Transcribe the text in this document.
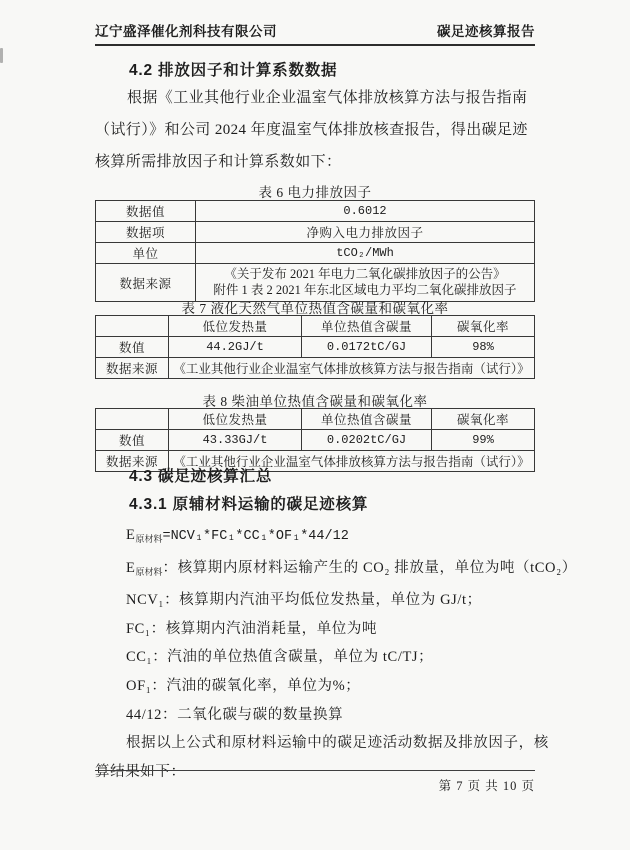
辽宁盛泽催化剂科技有限公司	碳足迹核算报告
4.2 排放因子和计算系数数据
根据《工业其他行业企业温室气体排放核算方法与报告指南
（试行）》和公司 2024 年度温室气体排放核查报告，得出碳足迹
核算所需排放因子和计算系数如下：
表 6 电力排放因子
数据值	0.6012
数据项	净购入电力排放因子
单位	tCO₂/MWh
数据来源	《关于发布 2021 年电力二氧化碳排放因子的公告》
附件 1 表 2 2021 年东北区域电力平均二氧化碳排放因子
表 7 液化天然气单位热值含碳量和碳氧化率
	低位发热量	单位热值含碳量	碳氧化率
数值	44.2GJ/t	0.0172tC/GJ	98%
数据来源	《工业其他行业企业温室气体排放核算方法与报告指南（试行）》		
表 8 柴油单位热值含碳量和碳氧化率
	低位发热量	单位热值含碳量	碳氧化率
数值	43.33GJ/t	0.0202tC/GJ	99%
数据来源	《工业其他行业企业温室气体排放核算方法与报告指南（试行）》		
4.3 碳足迹核算汇总
4.3.1 原辅材料运输的碳足迹核算
$E_{原材料}=NCV_1*FC_1*CC_1*OF_1*44/12$
$E_{原材料}$：核算期内原材料运输产生的 CO₂ 排放量，单位为吨（tCO₂）
NCV₁：核算期内汽油平均低位发热量，单位为 GJ/t；
FC₁：核算期内汽油消耗量，单位为吨
CC₁：汽油的单位热值含碳量，单位为 tC/TJ；
OF₁：汽油的碳氧化率，单位为%；
44/12：二氧化碳与碳的数量换算
根据以上公式和原材料运输中的碳足迹活动数据及排放因子，核
算结果如下：
第 7 页 共 10 页
